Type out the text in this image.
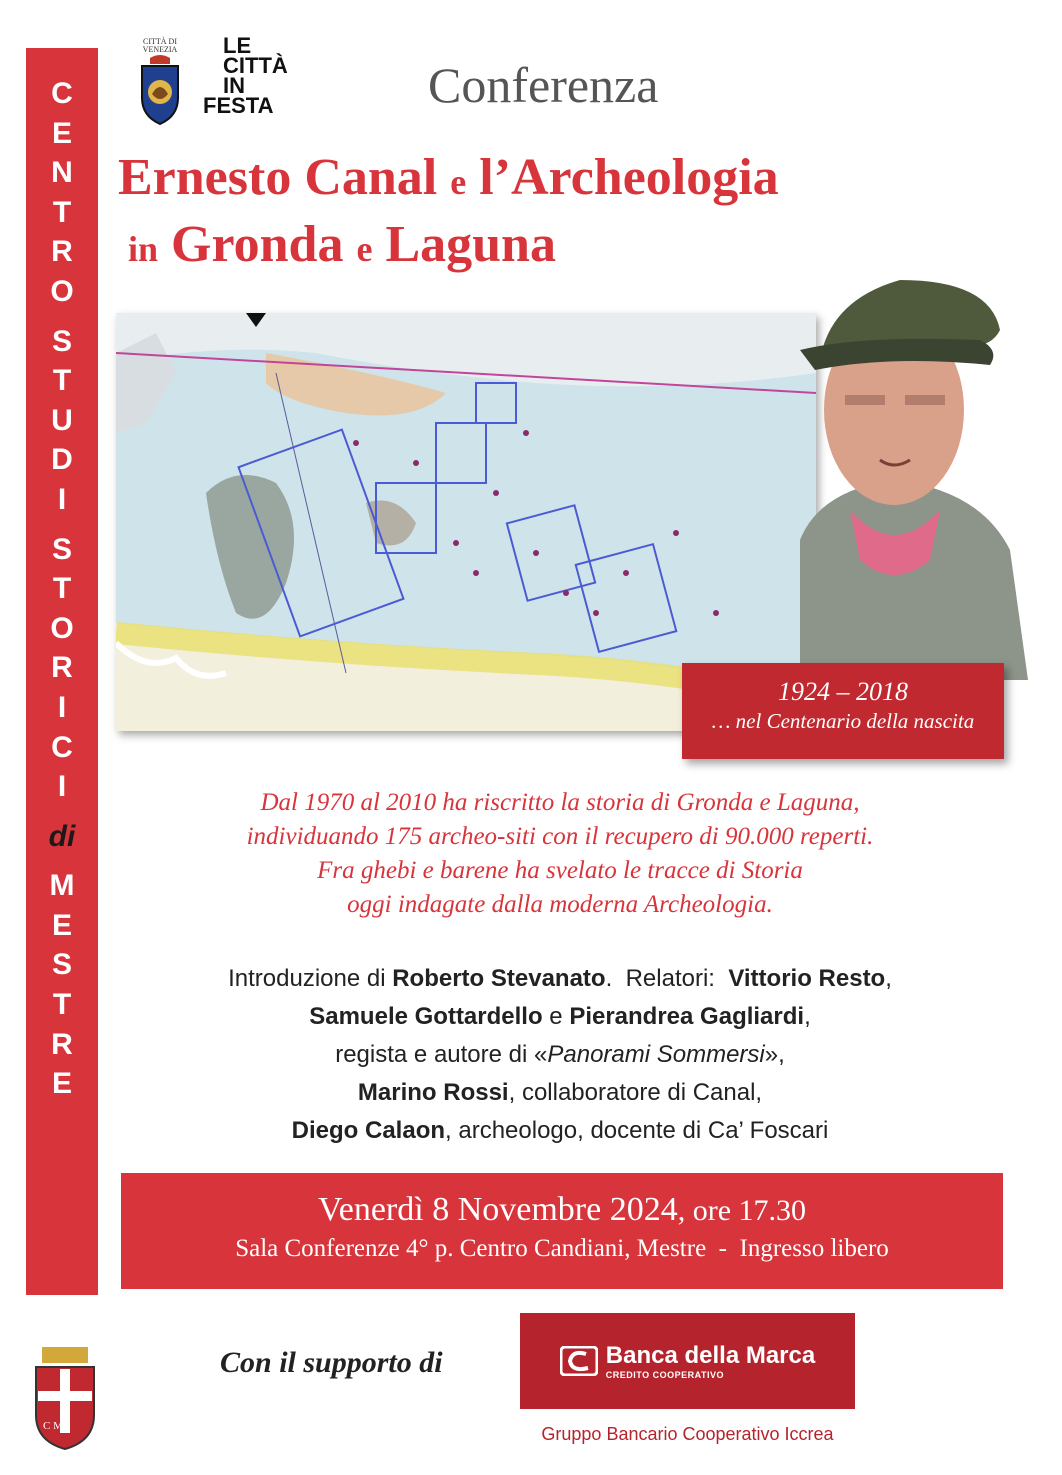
C
E
N
T
R
O
S
T
U
D
I
S
T
O
R
I
C
I
di
M
E
S
T
R
E
CITTÀ DI VENEZIA	LE
CITTÀ
IN
FESTA	Conferenza
Ernesto Canal e l’Archeologia
in Gronda e Laguna
1924 – 2018
… nel Centenario della nascita
Dal 1970 al 2010 ha riscritto la storia di Gronda e Laguna,
individuando 175 archeo-siti con il recupero di 90.000 reperti.
Fra ghebi e barene ha svelato le tracce di Storia
oggi indagate dalla moderna Archeologia.
Introduzione di Roberto Stevanato.  Relatori:  Vittorio Resto,
Samuele Gottardello e Pierandrea Gagliardi,
regista e autore di «Panorami Sommersi»,
Marino Rossi, collaboratore di Canal,
Diego Calaon, archeologo, docente di Ca’ Foscari
Venerdì 8 Novembre 2024, ore 17.30
Sala Conferenze 4° p. Centro Candiani, Mestre  -  Ingresso libero
C M
Con il supporto di	Banca della Marca
CREDITO COOPERATIVO
Gruppo Bancario Cooperativo Iccrea
